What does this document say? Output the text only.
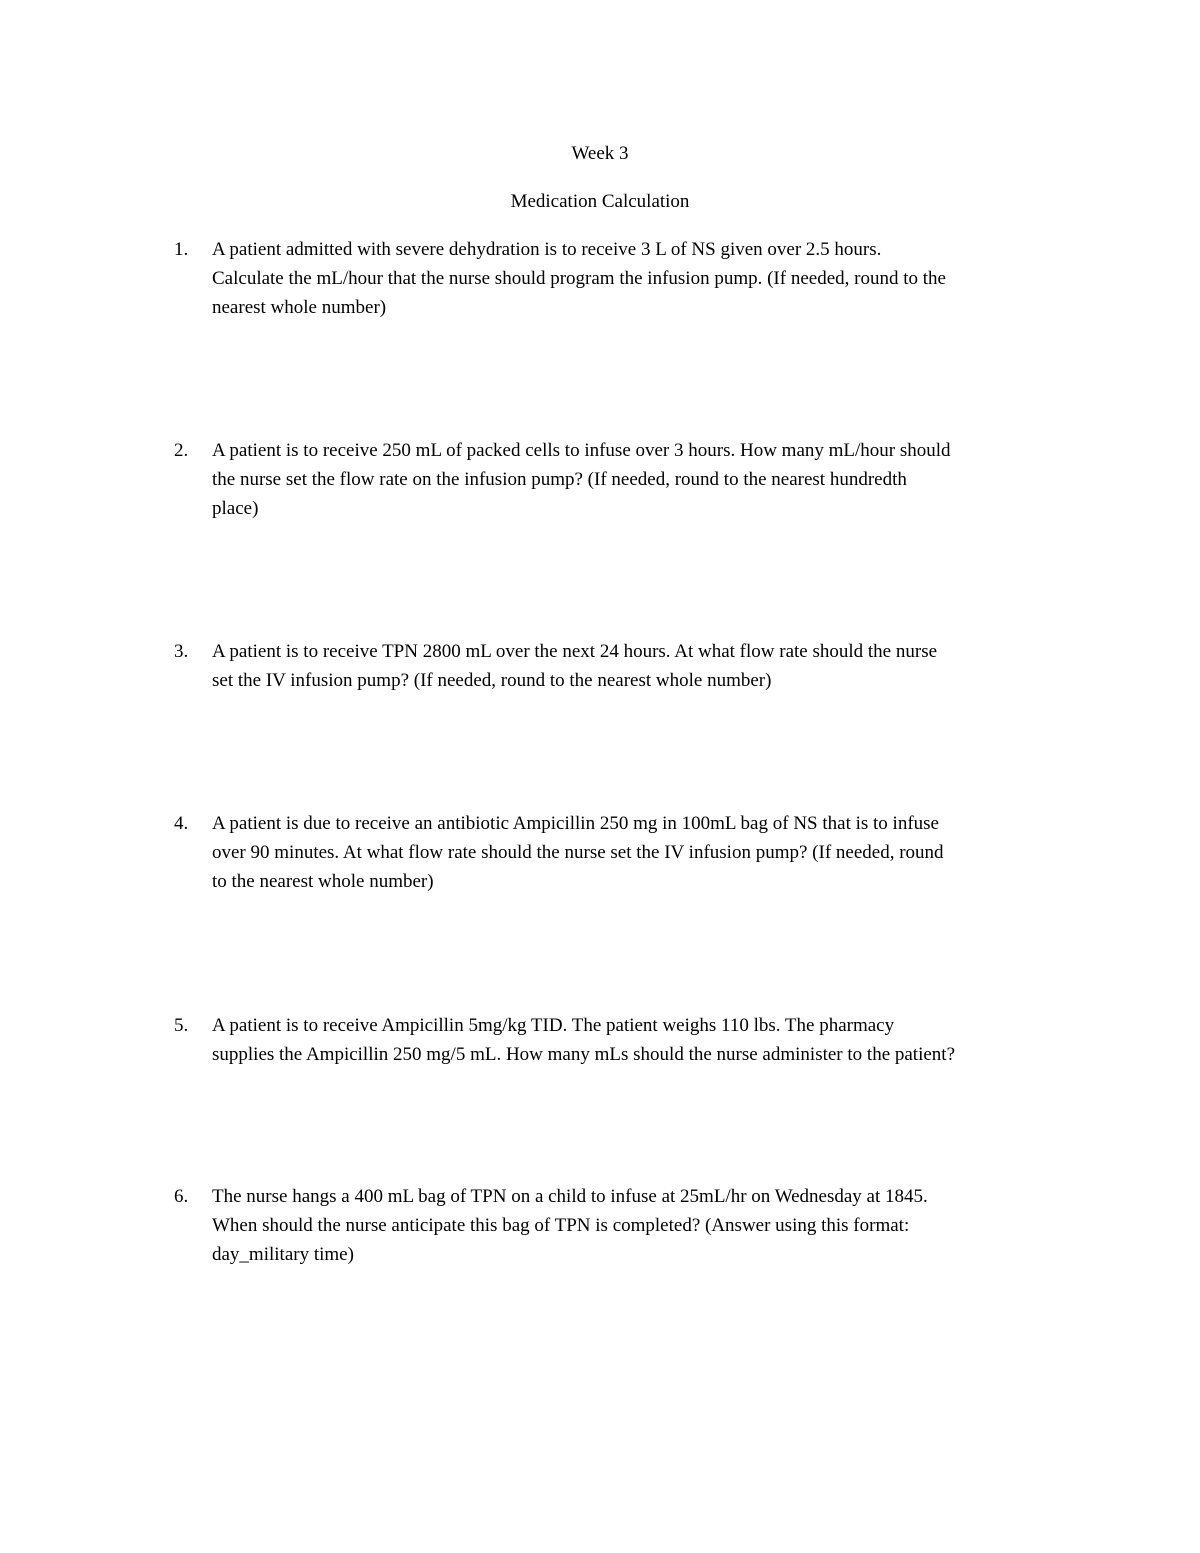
Week 3
Medication Calculation
1. A patient admitted with severe dehydration is to receive 3 L of NS given over 2.5 hours.
Calculate the mL/hour that the nurse should program the infusion pump. (If needed, round to the
nearest whole number)
2. A patient is to receive 250 mL of packed cells to infuse over 3 hours. How many mL/hour should
the nurse set the flow rate on the infusion pump? (If needed, round to the nearest hundredth
place)
3. A patient is to receive TPN 2800 mL over the next 24 hours. At what flow rate should the nurse
set the IV infusion pump? (If needed, round to the nearest whole number)
4. A patient is due to receive an antibiotic Ampicillin 250 mg in 100mL bag of NS that is to infuse
over 90 minutes. At what flow rate should the nurse set the IV infusion pump? (If needed, round
to the nearest whole number)
5. A patient is to receive Ampicillin 5mg/kg TID. The patient weighs 110 lbs. The pharmacy
supplies the Ampicillin 250 mg/5 mL. How many mLs should the nurse administer to the patient?
6. The nurse hangs a 400 mL bag of TPN on a child to infuse at 25mL/hr on Wednesday at 1845.
When should the nurse anticipate this bag of TPN is completed? (Answer using this format:
day_military time)
